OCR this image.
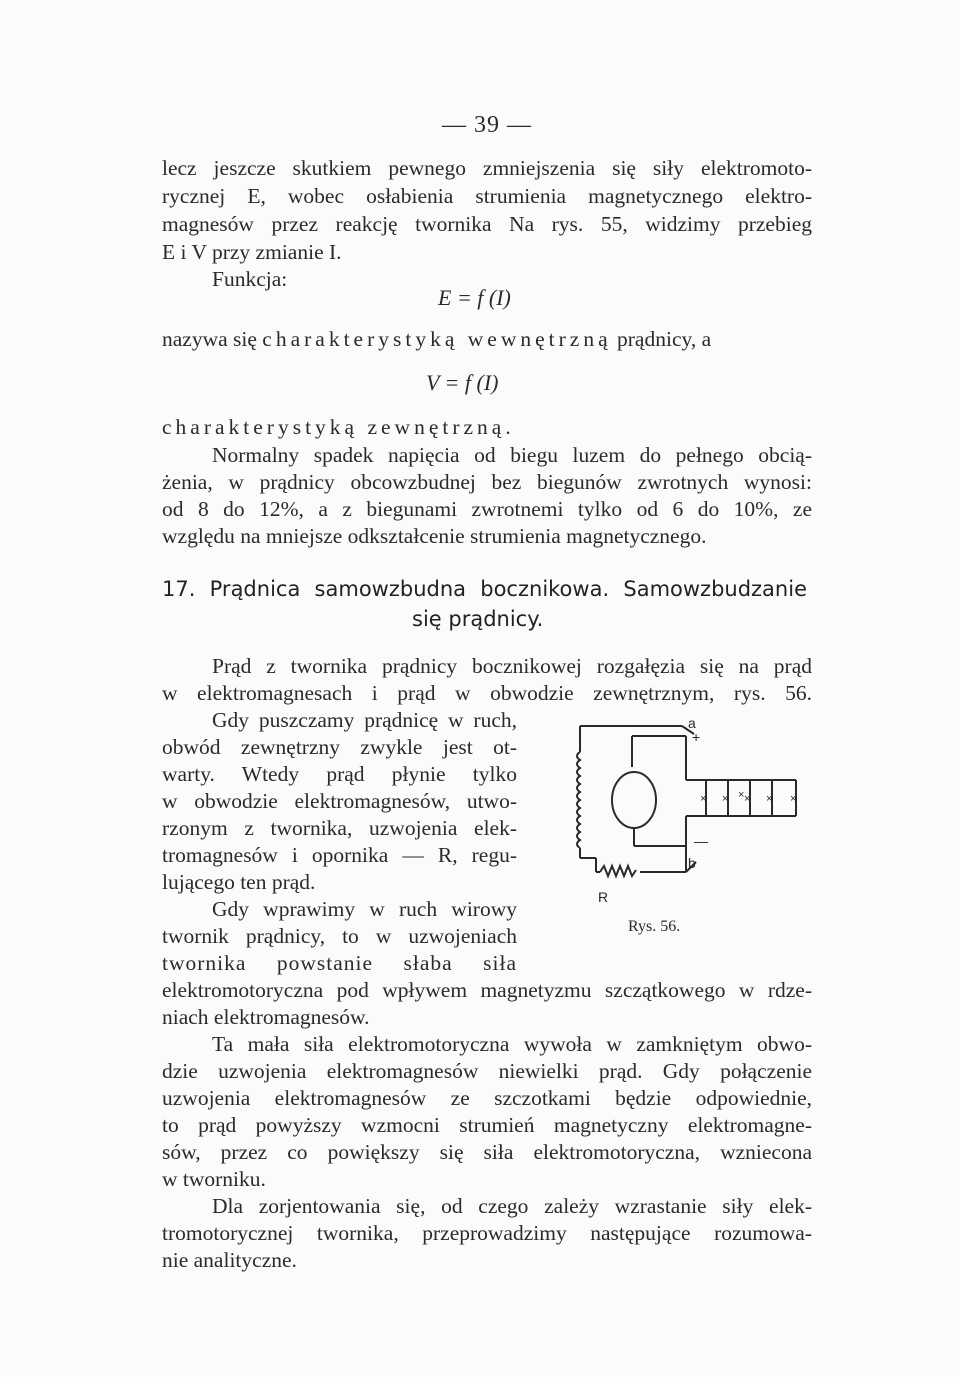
— 39 —
lecz jeszcze skutkiem pewnego zmniejszenia się siły elektromoto-
rycznej E, wobec osłabienia strumienia magnetycznego elektro-
magnesów przez reakcję twornika Na rys. 55, widzimy przebieg
E i V przy zmianie I.
Funkcja:
E = f (I)
nazywa się charakterystyką wewnętrzną prądnicy, a
V = f (I)
charakterystyką zewnętrzną.
Normalny spadek napięcia od biegu luzem do pełnego obcią-
żenia, w prądnicy obcowzbudnej bez biegunów zwrotnych wynosi:
od 8 do 12%, a z biegunami zwrotnemi tylko od 6 do 10%, ze
względu na mniejsze odkształcenie strumienia magnetycznego.
17. Prądnica samowzbudna bocznikowa. Samowzbudzanie
się prądnicy.
Prąd z twornika prądnicy bocznikowej rozgałęzia się na prąd
w elektromagnesach i prąd w obwodzie zewnętrznym, rys. 56.
Gdy puszczamy prądnicę w ruch,
obwód zewnętrzny zwykle jest ot-
warty. Wtedy prąd płynie tylko
w obwodzie elektromagnesów, utwo-
rzonym z twornika, uzwojenia elek-
tromagnesów i opornika — R, regu-
lującego ten prąd.
Gdy wprawimy w ruch wirowy
twornik prądnicy, to w uzwojeniach
twornika powstanie słaba siła
elektromotoryczna pod wpływem magnetyzmu szczątkowego w rdze-
niach elektromagnesów.
Ta mała siła elektromotoryczna wywoła w zamkniętym obwo-
dzie uzwojenia elektromagnesów niewielki prąd. Gdy połączenie
uzwojenia elektromagnesów ze szczotkami będzie odpowiednie,
to prąd powyższy wzmocni strumień magnetyczny elektromagne-
sów, przez co powiększy się siła elektromotoryczna, wzniecona
w tworniku.
Dla zorjentowania się, od czego zależy wzrastanie siły elek-
tromotorycznej twornika, przeprowadzimy następujące rozumowa-
nie analityczne.
×
× × × × ×
a
+
—
b
R
Rys. 56.
